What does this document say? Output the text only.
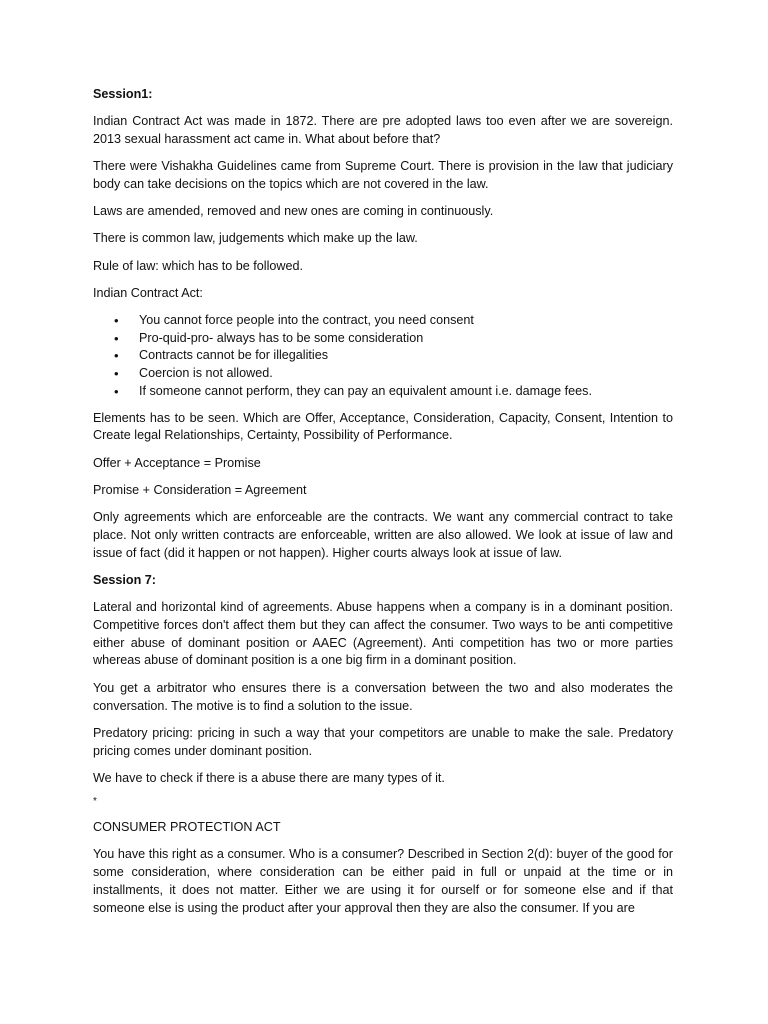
Session1:

Indian Contract Act was made in 1872. There are pre adopted laws too even after we are sovereign. 2013 sexual harassment act came in. What about before that?

There were Vishakha Guidelines came from Supreme Court. There is provision in the law that judiciary body can take decisions on the topics which are not covered in the law.

Laws are amended, removed and new ones are coming in continuously.

There is common law, judgements which make up the law.

Rule of law: which has to be followed.

Indian Contract Act:

• You cannot force people into the contract, you need consent
• Pro-quid-pro- always has to be some consideration
• Contracts cannot be for illegalities
• Coercion is not allowed.
• If someone cannot perform, they can pay an equivalent amount i.e. damage fees.

Elements has to be seen. Which are Offer, Acceptance, Consideration, Capacity, Consent, Intention to Create legal Relationships, Certainty, Possibility of Performance.

Offer + Acceptance = Promise

Promise + Consideration = Agreement

Only agreements which are enforceable are the contracts. We want any commercial contract to take place. Not only written contracts are enforceable, written are also allowed. We look at issue of law and issue of fact (did it happen or not happen). Higher courts always look at issue of law.

Session 7:

Lateral and horizontal kind of agreements. Abuse happens when a company is in a dominant position. Competitive forces don't affect them but they can affect the consumer. Two ways to be anti competitive either abuse of dominant position or AAEC (Agreement). Anti competition has two or more parties whereas abuse of dominant position is a one big firm in a dominant position.

You get a arbitrator who ensures there is a conversation between the two and also moderates the conversation. The motive is to find a solution to the issue.

Predatory pricing: pricing in such a way that your competitors are unable to make the sale. Predatory pricing comes under dominant position.

We have to check if there is a abuse there are many types of it.

*

CONSUMER PROTECTION ACT

You have this right as a consumer. Who is a consumer? Described in Section 2(d): buyer of the good for some consideration, where consideration can be either paid in full or unpaid at the time or in installments, it does not matter. Either we are using it for ourself or for someone else and if that someone else is using the product after your approval then they are also the consumer. If you are
